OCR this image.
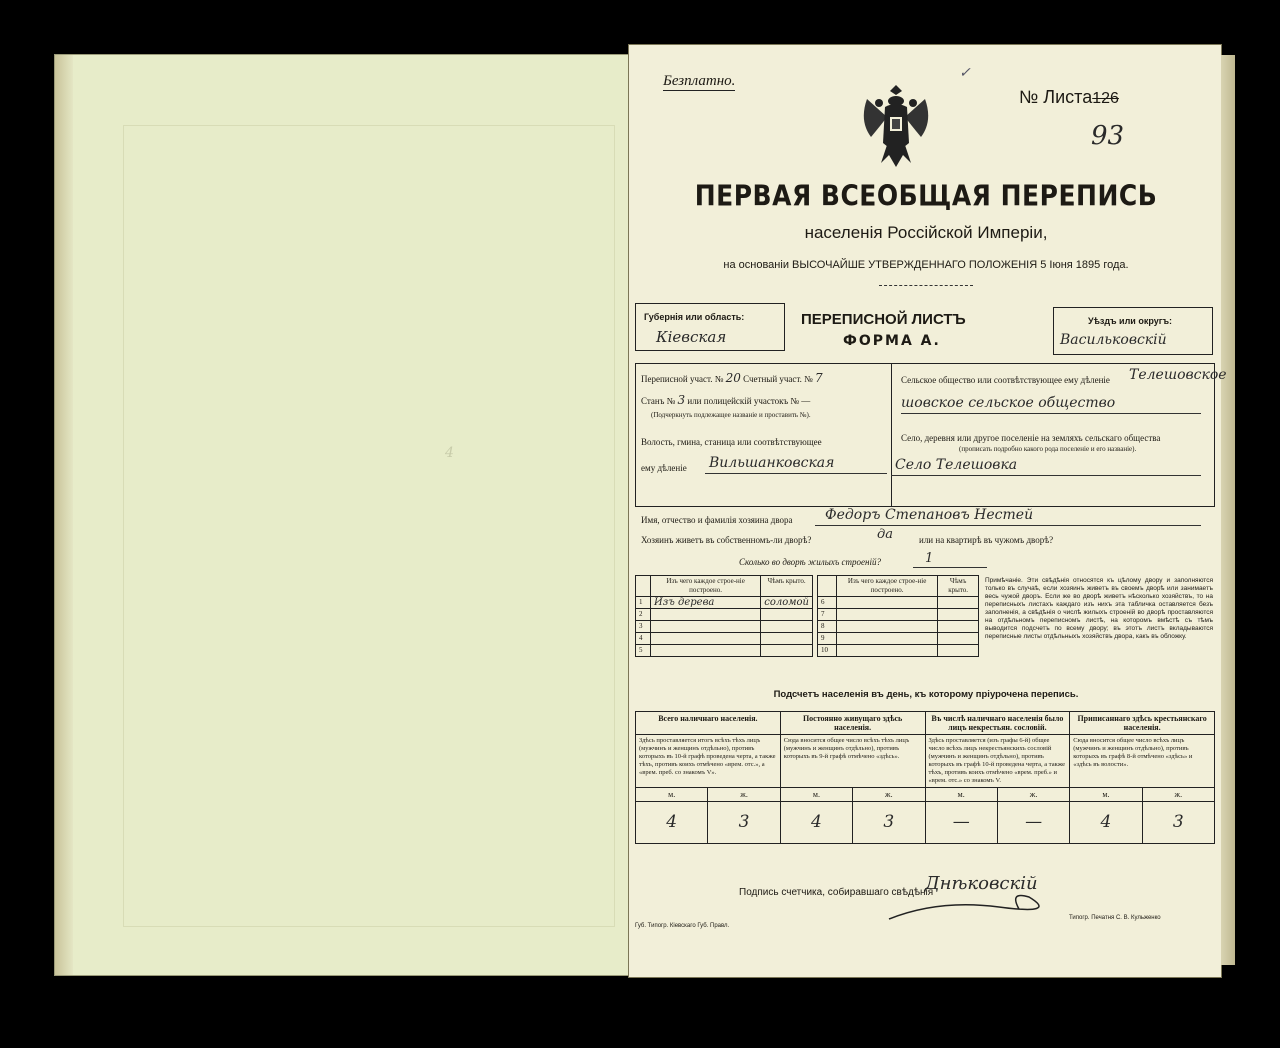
4
Безплатно.	✓
№ Листа126
93
ПЕРВАЯ ВСЕОБЩАЯ ПЕРЕПИСЬ
населенія Россійской Имперіи,
на основаніи ВЫСОЧАЙШЕ УТВЕРЖДЕННАГО ПОЛОЖЕНІЯ 5 Іюня 1895 года.
Губернія или область:
Кіевская
ПЕРЕПИСНОЙ ЛИСТЪ
ФОРМА А.
Уѣздъ или округъ:
Васильковскій
Переписной участ. № 20 Счетный участ. № 7
Станъ № 3 или полицейскій участокъ № —
(Подчеркнуть подлежащее названіе и проставить №).
Волость, гмина, станица или соотвѣтствующее
ему дѣленіе Вильшанковская
Сельское общество или соотвѣтствующее ему дѣленіе Телешовское
шовское сельское общество
Село, деревня или другое поселеніе на земляхъ сельскаго общества
(прописать подробно какого рода поселеніе и его названіе).
Село Телешовка
Имя, отчество и фамилія хозяина двора Федоръ Степановъ Нестей
Хозяинъ живетъ въ собственномъ-ли дворѣ?	да	или на квартирѣ въ чужомъ дворѣ?
Сколько во дворѣ жилыхъ строеній?	1
	Изъ чего каждое строе-ніе построено.	Чѣмъ крыто.
1	Изъ дерева	соломой
2		
3		
4		
5		
	Изъ чего каждое строе-ніе построено.	Чѣмъ крыто.
6		
7		
8		
9		
10		
Примѣчаніе. Эти свѣдѣнія относятся къ цѣлому двору и заполняются только въ случаѣ, если хозяинъ живетъ въ своемъ дворѣ или занимаетъ весь чужой дворъ. Если же во дворѣ живетъ нѣсколько хозяйствъ, то на переписныхъ листахъ каждаго изъ нихъ эта табличка оставляется безъ заполненія, а свѣдѣнія о числѣ жилыхъ строеній во дворѣ проставляются на отдѣльномъ переписномъ листѣ, на которомъ вмѣстѣ съ тѣмъ выводится подсчетъ по всему двору; въ этотъ листъ вкладываются переписные листы отдѣльныхъ хозяйствъ двора, какъ въ обложку.
Подсчетъ населенія въ день, къ которому пріурочена перепись.
Всего наличнаго населенія.		Постоянно живущаго здѣсь населенія.		Въ числѣ наличнаго населенія было лицъ некрестьян. сословій.		Приписаннаго здѣсь крестьянскаго населенія.	
Здѣсь проставляется итогъ всѣхъ тѣхъ лицъ (мужчинъ и женщинъ отдѣльно), противъ которыхъ въ 10-й графѣ проведена черта, а также тѣхъ, противъ коихъ отмѣчено «врем. отс.», а «врем. преб. со знакомъ V».		Сюда вносится общее число всѣхъ тѣхъ лицъ (мужчинъ и женщинъ отдѣльно), противъ которыхъ въ 9-й графѣ отмѣчено «здѣсь».		Здѣсь проставляется (изъ графы 6-й) общее число всѣхъ лицъ некрестьянскихъ сословій (мужчинъ и женщинъ отдѣльно), противъ которыхъ въ графѣ 10-й проведена черта, а также тѣхъ, противъ коихъ отмѣчено «врем. преб.» и «врем. отс.» со знакомъ V.		Сюда вносится общее число всѣхъ лицъ (мужчинъ и женщинъ отдѣльно), противъ которыхъ въ графѣ 8-й отмѣчено «здѣсь» и «здѣсь въ волости».	
м.	ж.	м.	ж.	м.	ж.	м.	ж.
4	3	4	3	—	—	4	3
Подпись счетчика, собиравшаго свѣдѣнія
Днѣковскій
Губ. Типогр. Кіевскаго Губ. Правл.
Типогр. Печатня С. В. Кульженко
